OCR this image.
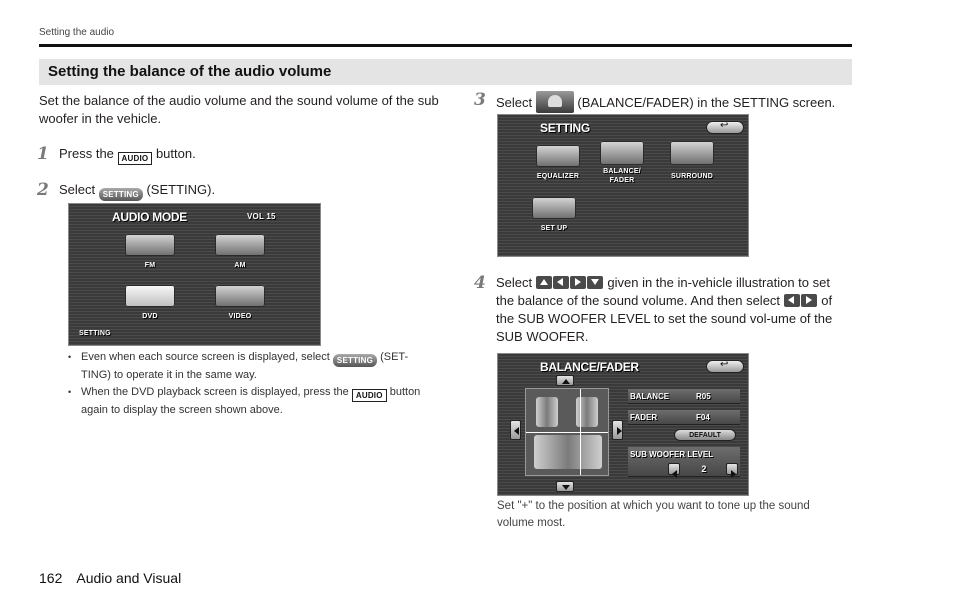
Setting the audio
Setting the balance of the audio volume
Set the balance of the audio volume and the sound volume of the sub woofer in the vehicle.
1 Press the AUDIO button.
2 Select SETTING (SETTING).
AUDIO MODE	VOL 15
FM	AM
DVD	VIDEO
SETTING
• Even when each source screen is displayed, select SETTING (SET-TING) to operate it in the same way.
• When the DVD playback screen is displayed, press the AUDIO button again to display the screen shown above.
3 Select	(BALANCE/FADER) in the SETTING screen.
SETTING
↩
EQUALIZER
BALANCE/
FADER
SURROUND
SET UP
4 Select	given in the in-vehicle illustration to set the balance of the sound volume. And then select	of the SUB WOOFER LEVEL to set the sound vol-ume of the SUB WOOFER.
BALANCE/FADER
↩
BALANCE	R05
FADER	F04
DEFAULT
SUB WOOFER LEVEL
2
Set "+" to the position at which you want to tone up the sound volume most.
162 Audio and Visual
